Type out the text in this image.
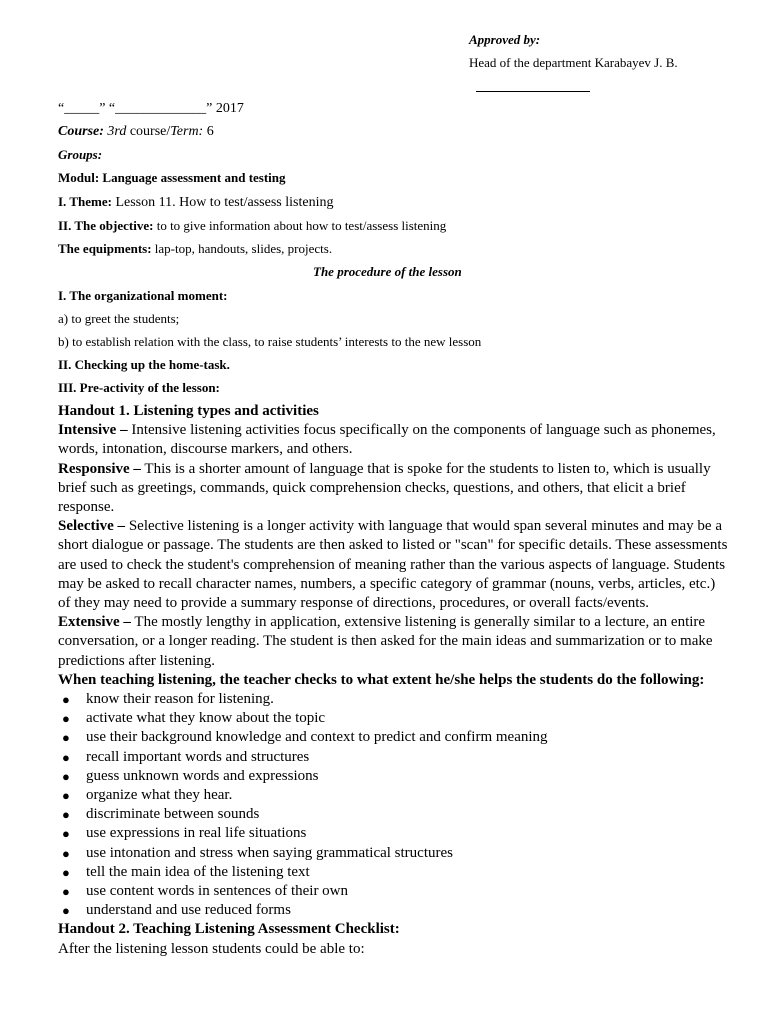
Approved by:
Head of the department Karabayev J. B.
“_____” “_____________” 2017
Course: 3rd course/Term: 6
Groups:
Modul: Language assessment and testing
I. Theme: Lesson 11. How to test/assess listening
II. The objective: to to give information about how to test/assess listening
The equipments: lap-top, handouts, slides, projects.
The procedure of the lesson
I. The organizational moment:
a) to greet the students;
b) to establish relation with the class, to raise students’ interests to the new lesson
II. Checking up the home-task.
III. Pre-activity of the lesson:

Handout 1. Listening types and activities

Intensive – Intensive listening activities focus specifically on the components of language such as phonemes, words, intonation, discourse markers, and others.

Responsive – This is a shorter amount of language that is spoke for the students to listen to, which is usually brief such as greetings, commands, quick comprehension checks, questions, and others, that elicit a brief response.

Selective – Selective listening is a longer activity with language that would span several minutes and may be a short dialogue or passage. The students are then asked to listed or "scan" for specific details. These assessments are used to check the student's comprehension of meaning rather than the various aspects of language. Students may be asked to recall character names, numbers, a specific category of grammar (nouns, verbs, articles, etc.) of they may need to provide a summary response of directions, procedures, or overall facts/events.

Extensive – The mostly lengthy in application, extensive listening is generally similar to a lecture, an entire conversation, or a longer reading. The student is then asked for the main ideas and summarization or to make predictions after listening.

When teaching listening, the teacher checks to what extent he/she helps the students do the following:

● know their reason for listening.
● activate what they know about the topic
● use their background knowledge and context to predict and confirm meaning
● recall important words and structures
● guess unknown words and expressions
● organize what they hear.
● discriminate between sounds
● use expressions in real life situations
● use intonation and stress when saying grammatical structures
● tell the main idea of the listening text
● use content words in sentences of their own
● understand and use reduced forms

Handout 2. Teaching Listening Assessment Checklist:

After the listening lesson students could be able to:
